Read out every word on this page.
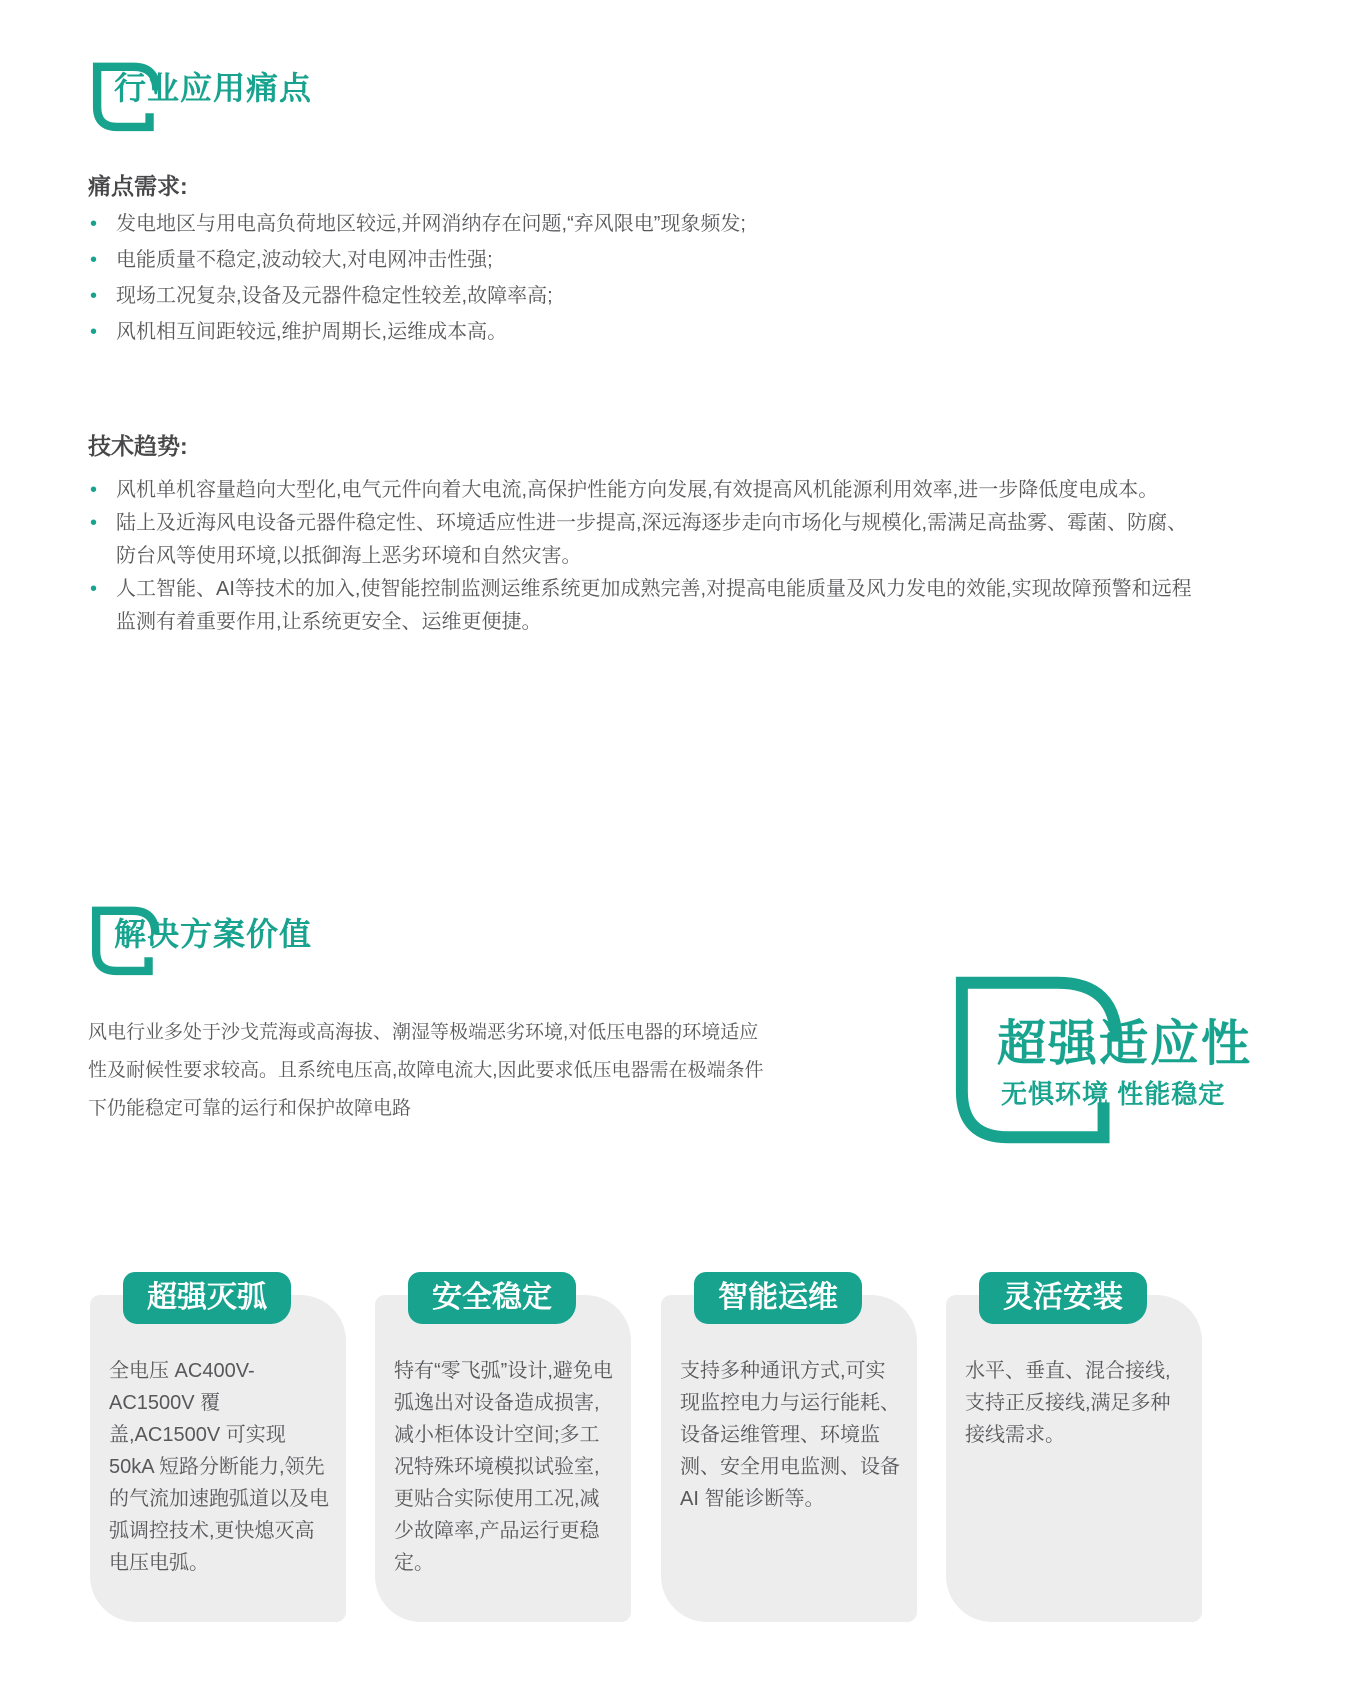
行业应用痛点
痛点需求:
• 发电地区与用电高负荷地区较远,并网消纳存在问题,“弃风限电”现象频发;
• 电能质量不稳定,波动较大,对电网冲击性强;
• 现场工况复杂,设备及元器件稳定性较差,故障率高;
• 风机相互间距较远,维护周期长,运维成本高。
技术趋势:
• 风机单机容量趋向大型化,电气元件向着大电流,高保护性能方向发展,有效提高风机能源利用效率,进一步降低度电成本。
• 陆上及近海风电设备元器件稳定性、环境适应性进一步提高,深远海逐步走向市场化与规模化,需满足高盐雾、霉菌、防腐、防台风等使用环境,以抵御海上恶劣环境和自然灾害。
• 人工智能、AI等技术的加入,使智能控制监测运维系统更加成熟完善,对提高电能质量及风力发电的效能,实现故障预警和远程监测有着重要作用,让系统更安全、运维更便捷。
解决方案价值

风电行业多处于沙戈荒海或高海拔、潮湿等极端恶劣环境,对低压电器的环境适应性及耐候性要求较高。且系统电压高,故障电流大,因此要求低压电器需在极端条件下仍能稳定可靠的运行和保护故障电路

超强适应性
无惧环境 性能稳定
超强灭弧
全电压 AC400V-AC1500V 覆盖,AC1500V 可实现 50kA 短路分断能力,领先的气流加速跑弧道以及电弧调控技术,更快熄灭高电压电弧。
安全稳定
特有“零飞弧”设计,避免电弧逸出对设备造成损害,减小柜体设计空间;多工况特殊环境模拟试验室,更贴合实际使用工况,减少故障率,产品运行更稳定。
智能运维
支持多种通讯方式,可实现监控电力与运行能耗、设备运维管理、环境监测、安全用电监测、设备 AI 智能诊断等。
灵活安装
水平、垂直、混合接线,支持正反接线,满足多种接线需求。
